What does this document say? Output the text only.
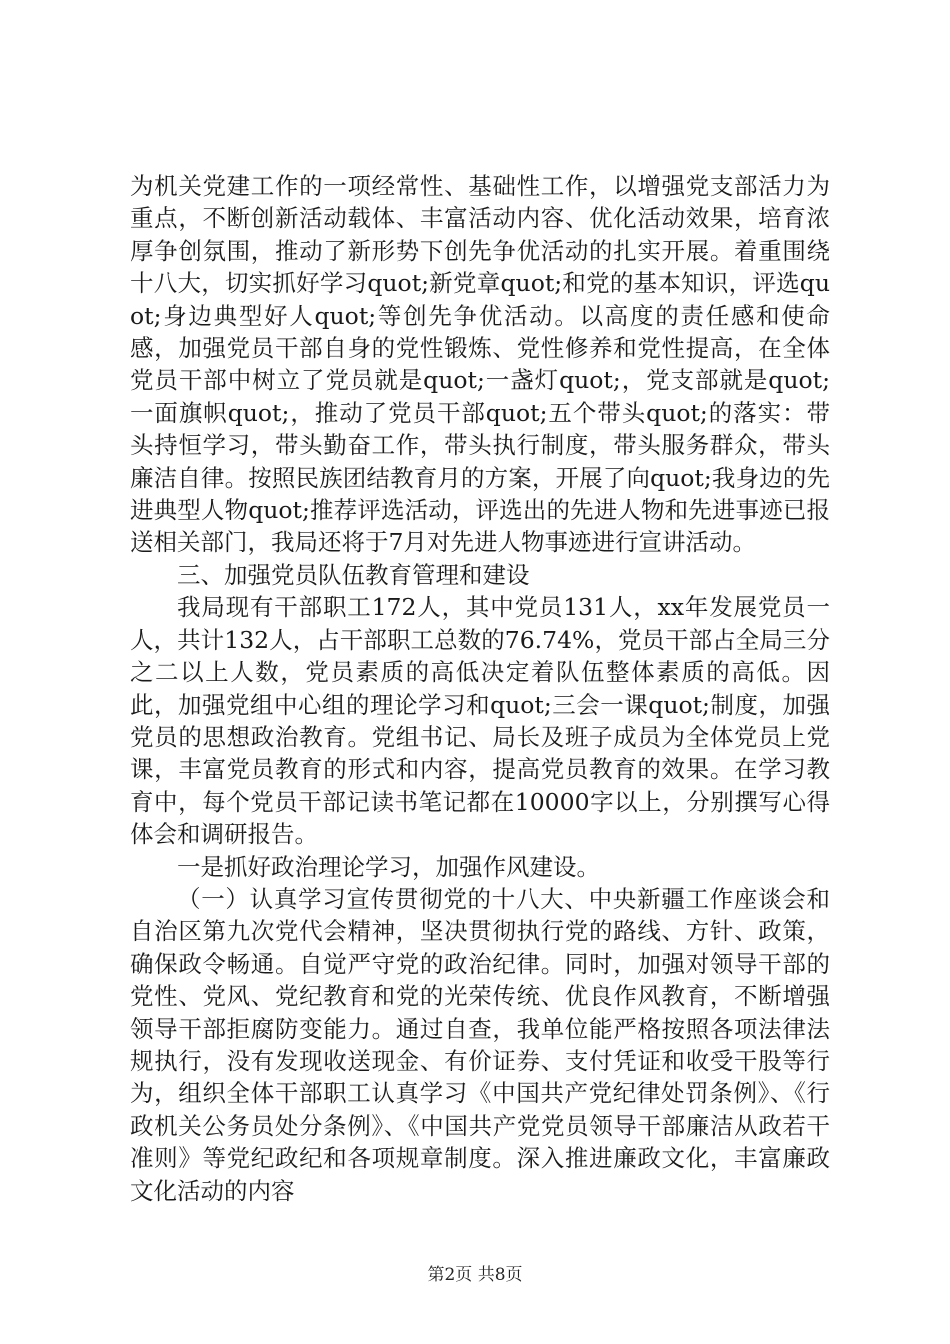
为机关党建工作的一项经常性、基础性工作，以增强党支部活力为重点，不断创新活动载体、丰富活动内容、优化活动效果，培育浓厚争创氛围，推动了新形势下创先争优活动的扎实开展。着重围绕十八大，切实抓好学习quot;新党章quot;和党的基本知识，评选quot;身边典型好人quot;等创先争优活动。以高度的责任感和使命感，加强党员干部自身的党性锻炼、党性修养和党性提高，在全体党员干部中树立了党员就是quot;一盏灯quot;，党支部就是quot;一面旗帜quot;，推动了党员干部quot;五个带头quot;的落实：带头持恒学习，带头勤奋工作，带头执行制度，带头服务群众，带头廉洁自律。按照民族团结教育月的方案，开展了向quot;我身边的先进典型人物quot;推荐评选活动，评选出的先进人物和先进事迹已报送相关部门，我局还将于7月对先进人物事迹进行宣讲活动。

三、加强党员队伍教育管理和建设

我局现有干部职工172人，其中党员131人，xx年发展党员一人，共计132人，占干部职工总数的76.74%，党员干部占全局三分之二以上人数，党员素质的高低决定着队伍整体素质的高低。因此，加强党组中心组的理论学习和quot;三会一课quot;制度，加强党员的思想政治教育。党组书记、局长及班子成员为全体党员上党课，丰富党员教育的形式和内容，提高党员教育的效果。在学习教育中，每个党员干部记读书笔记都在10000字以上，分别撰写心得体会和调研报告。

一是抓好政治理论学习，加强作风建设。

（一）认真学习宣传贯彻党的十八大、中央新疆工作座谈会和自治区第九次党代会精神，坚决贯彻执行党的路线、方针、政策，确保政令畅通。自觉严守党的政治纪律。同时，加强对领导干部的党性、党风、党纪教育和党的光荣传统、优良作风教育，不断增强领导干部拒腐防变能力。通过自查，我单位能严格按照各项法律法规执行，没有发现收送现金、有价证券、支付凭证和收受干股等行为，组织全体干部职工认真学习《中国共产党纪律处罚条例》、《行政机关公务员处分条例》、《中国共产党党员领导干部廉洁从政若干准则》等党纪政纪和各项规章制度。深入推进廉政文化，丰富廉政文化活动的内容

第2页 共8页
